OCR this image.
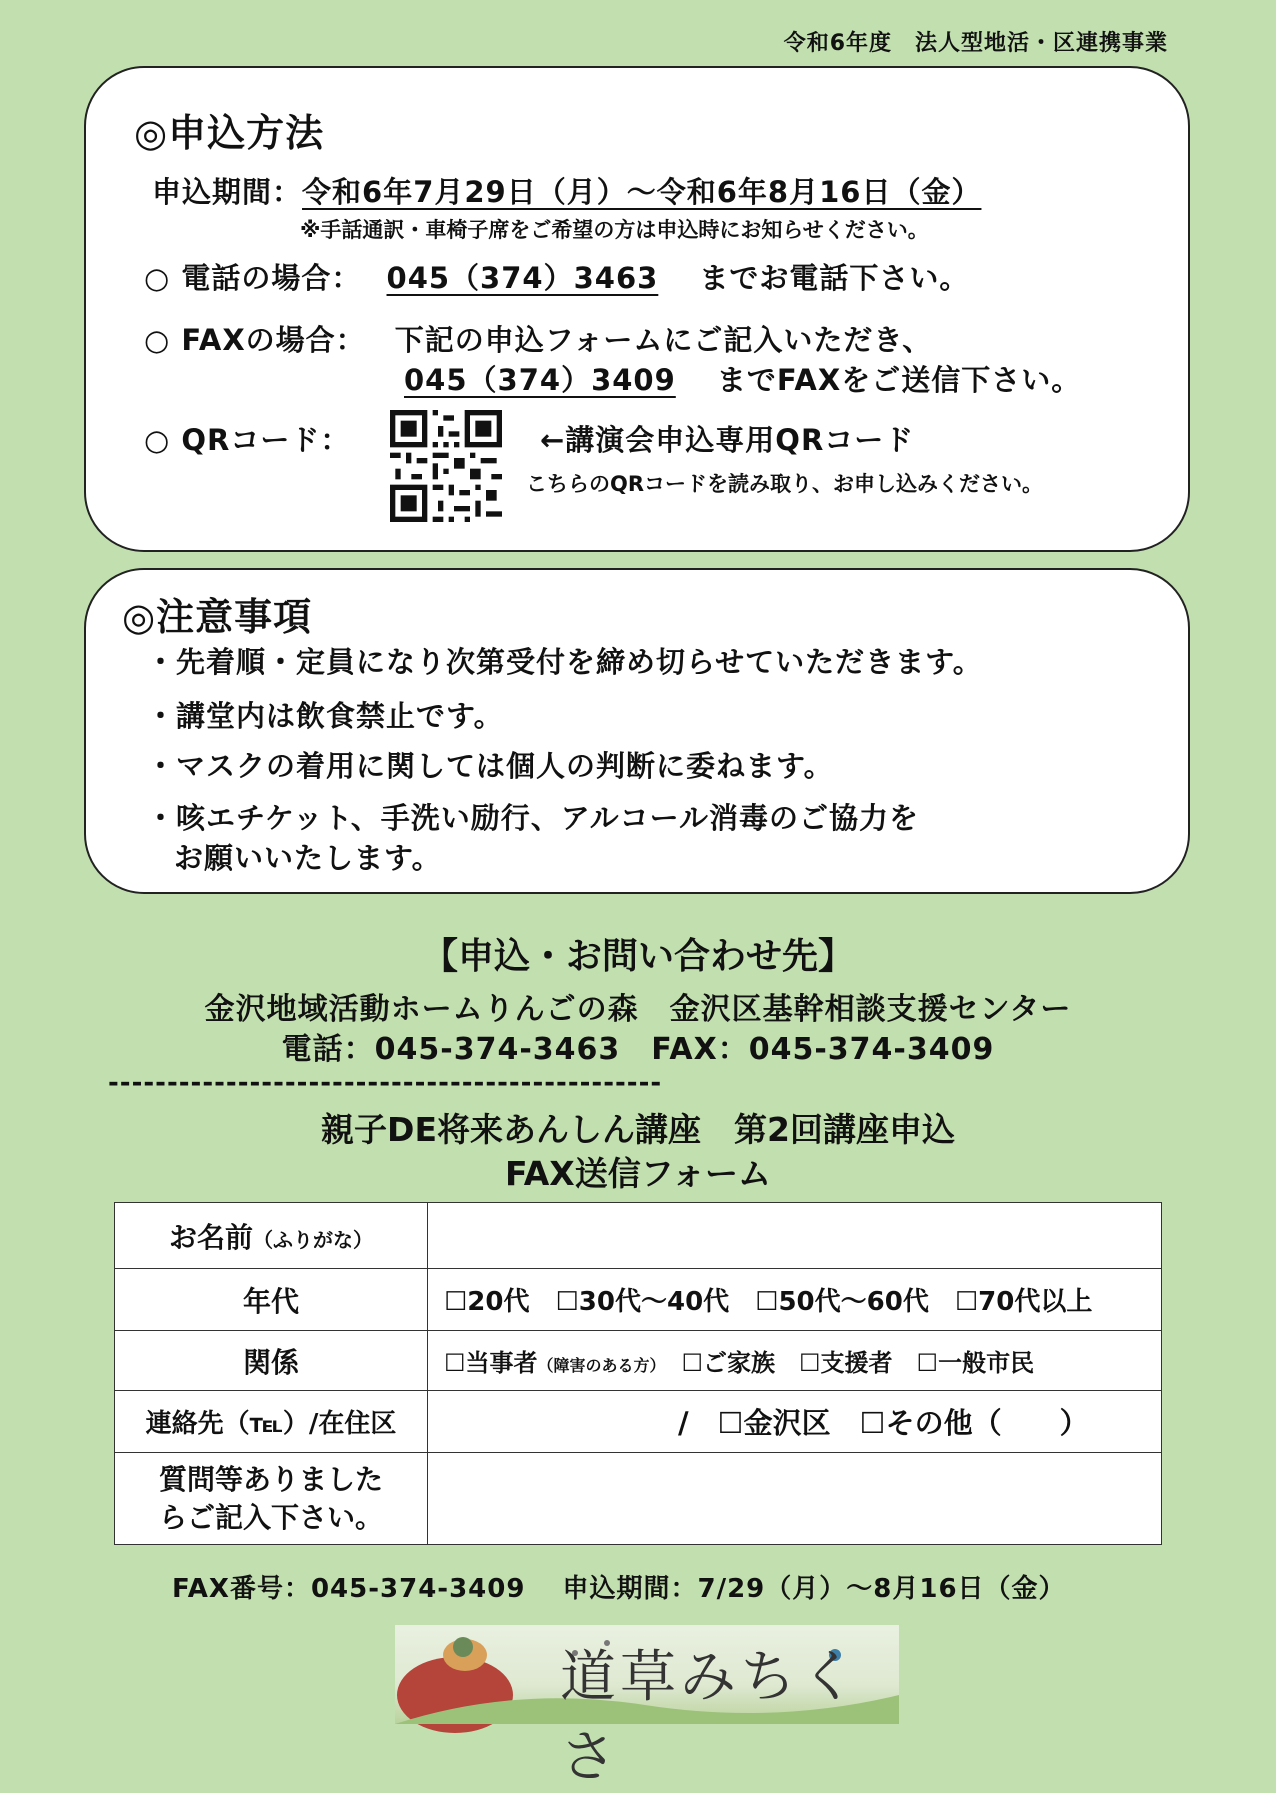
令和6年度　法人型地活・区連携事業
◎申込方法
申込期間：令和6年7月29日（月）～令和6年8月16日（金）
※手話通訳・車椅子席をご希望の方は申込時にお知らせください。
○ 電話の場合： 045（374）3463 までお電話下さい。
○ FAXの場合： 下記の申込フォームにご記入いただき、
045（374）3409 までFAXをご送信下さい。
○ QRコード：	←講演会申込専用QRコード
こちらのQRコードを読み取り、お申し込みください。
◎注意事項
・先着順・定員になり次第受付を締め切らせていただきます。
・講堂内は飲食禁止です。
・マスクの着用に関しては個人の判断に委ねます。
・咳エチケット、手洗い励行、アルコール消毒のご協力を
お願いいたします。
【申込・お問い合わせ先】
金沢地域活動ホームりんごの森　金沢区基幹相談支援センター
電話：045-374-3463　FAX：045-374-3409
-----------------------------------------------
親子DE将来あんしん講座　第2回講座申込
FAX送信フォーム
お名前（ふりがな）	
年代	☐20代　☐30代～40代　☐50代～60代　☐70代以上
関係	☐当事者（障害のある方）　☐ご家族　☐支援者　☐一般市民
連絡先（℡）/在住区	/　☐金沢区　☐その他（　　）

質問等ありました
らご記入下さい。	

FAX番号：045-374-3409　 申込期間：7/29（月）～8月16日（金）
道草みちくさ
